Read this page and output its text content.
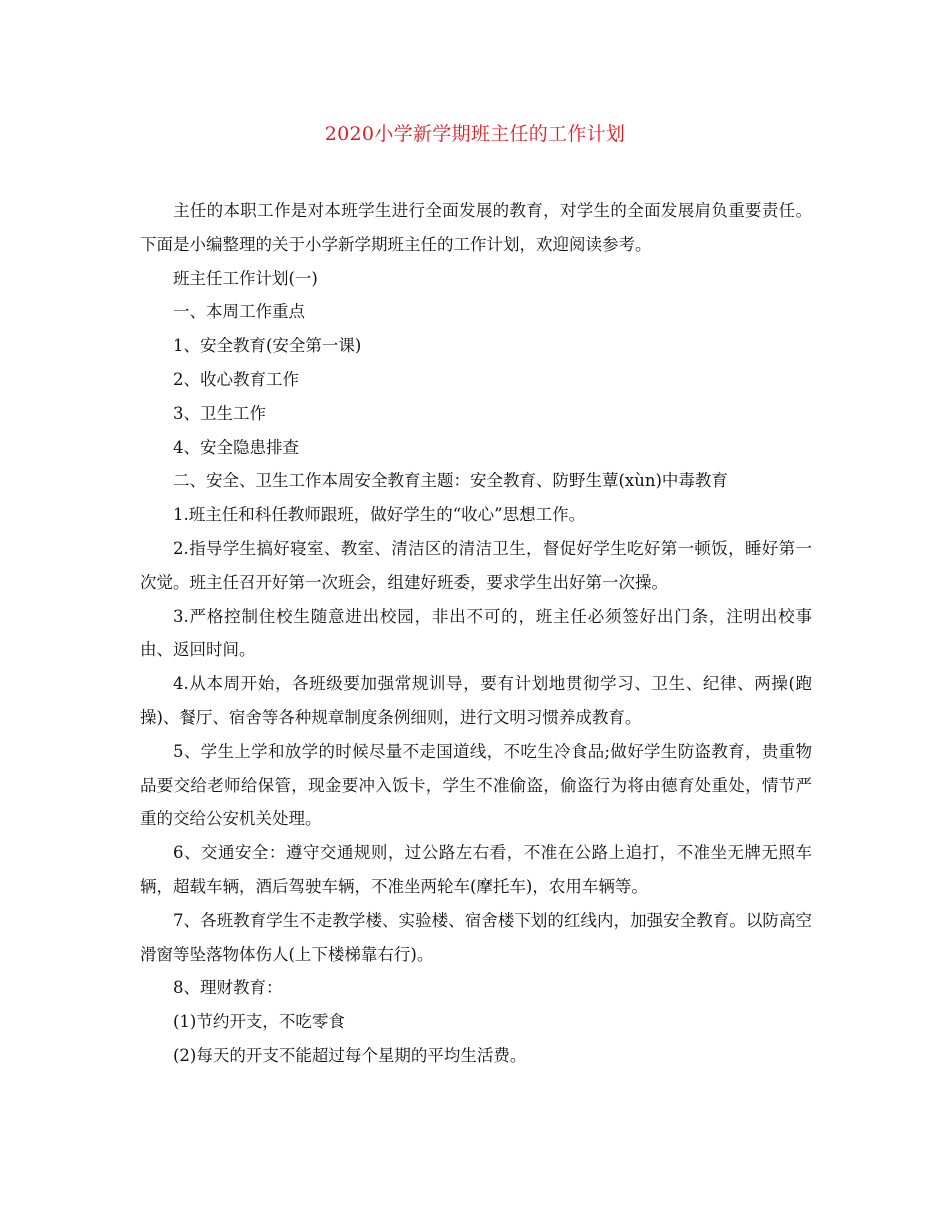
2020小学新学期班主任的工作计划

主任的本职工作是对本班学生进行全面发展的教育，对学生的全面发展肩负重要责任。下面是小编整理的关于小学新学期班主任的工作计划，欢迎阅读参考。

班主任工作计划(一)

一、本周工作重点

1、安全教育(安全第一课)

2、收心教育工作

3、卫生工作

4、安全隐患排查

二、安全、卫生工作本周安全教育主题：安全教育、防野生蕈(xùn)中毒教育

1.班主任和科任教师跟班，做好学生的“收心”思想工作。

2.指导学生搞好寝室、教室、清洁区的清洁卫生，督促好学生吃好第一顿饭，睡好第一次觉。班主任召开好第一次班会，组建好班委，要求学生出好第一次操。

3.严格控制住校生随意进出校园，非出不可的，班主任必须签好出门条，注明出校事由、返回时间。

4.从本周开始，各班级要加强常规训导，要有计划地贯彻学习、卫生、纪律、两操(跑操)、餐厅、宿舍等各种规章制度条例细则，进行文明习惯养成教育。

5、学生上学和放学的时候尽量不走国道线，不吃生冷食品;做好学生防盗教育，贵重物品要交给老师给保管，现金要冲入饭卡，学生不准偷盗，偷盗行为将由德育处重处，情节严重的交给公安机关处理。

6、交通安全：遵守交通规则，过公路左右看，不准在公路上追打，不准坐无牌无照车辆，超载车辆，酒后驾驶车辆，不准坐两轮车(摩托车)，农用车辆等。

7、各班教育学生不走教学楼、实验楼、宿舍楼下划的红线内，加强安全教育。以防高空滑窗等坠落物体伤人(上下楼梯靠右行)。

8、理财教育：

(1)节约开支，不吃零食

(2)每天的开支不能超过每个星期的平均生活费。
